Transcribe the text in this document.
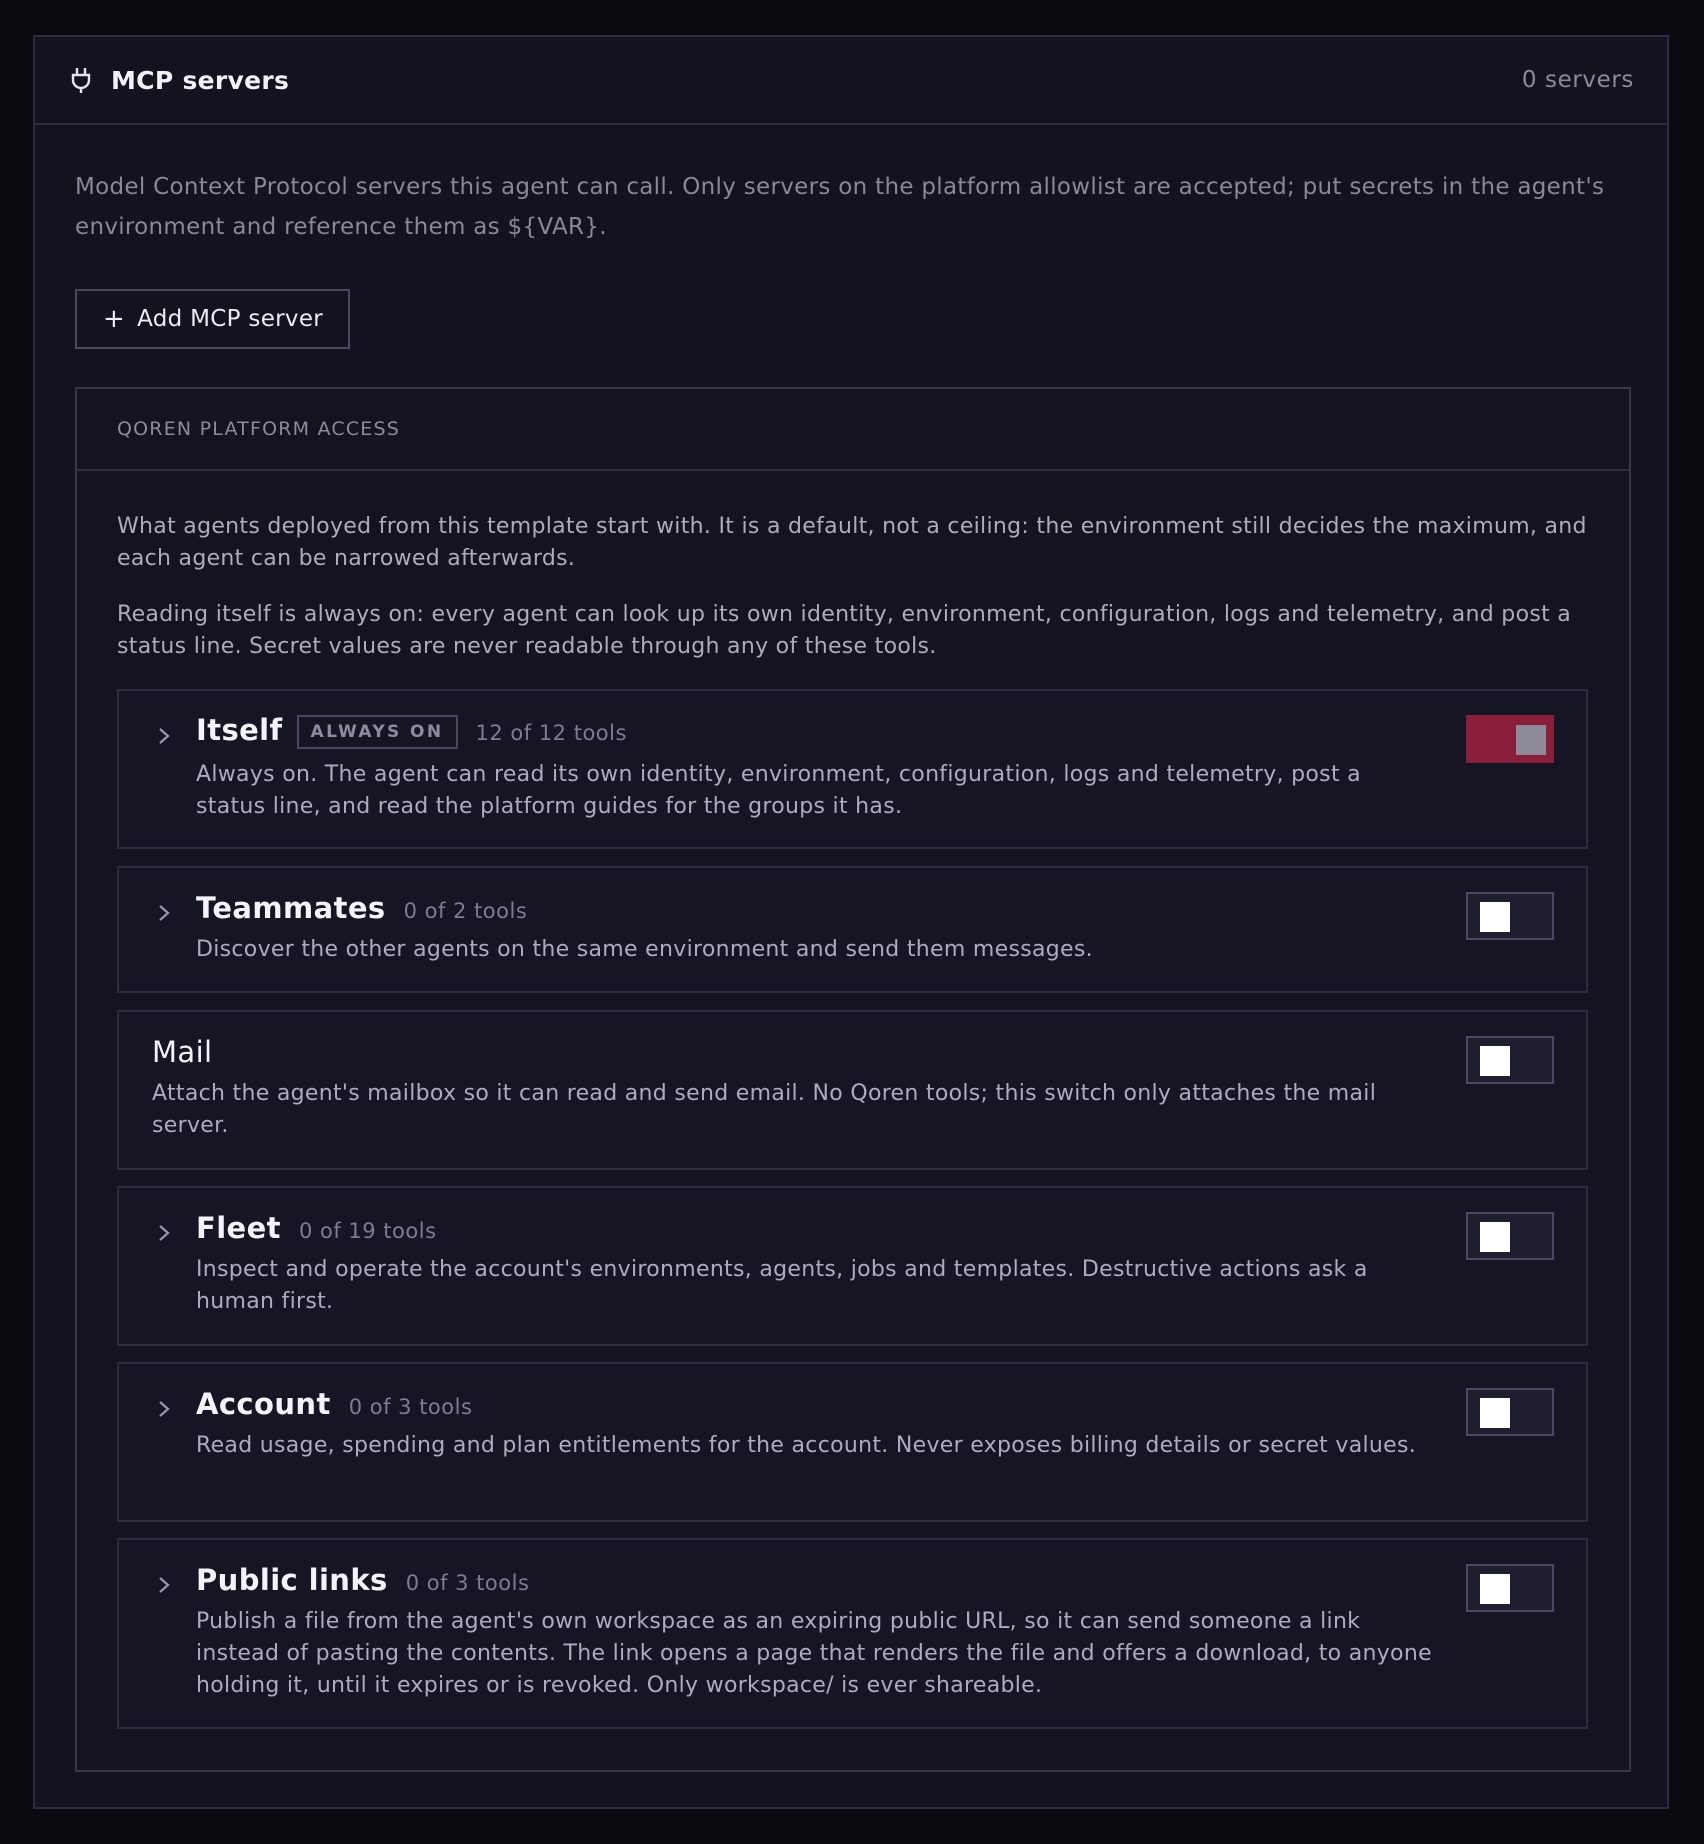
MCP servers	0 servers

Model Context Protocol servers this agent can call. Only servers on the platform allowlist are accepted; put secrets in the agent's environment and reference them as ${VAR}.

+ Add MCP server
QOREN PLATFORM ACCESS

What agents deployed from this template start with. It is a default, not a ceiling: the environment still decides the maximum, and each agent can be narrowed afterwards.

Reading itself is always on: every agent can look up its own identity, environment, configuration, logs and telemetry, and post a status line. Secret values are never readable through any of these tools.

Itself	ALWAYS ON	12 of 12 tools
Always on. The agent can read its own identity, environment, configuration, logs and telemetry, post a status line, and read the platform guides for the groups it has.
Teammates 0 of 2 tools
Discover the other agents on the same environment and send them messages.
Mail
Attach the agent's mailbox so it can read and send email. No Qoren tools; this switch only attaches the mail server.
Fleet 0 of 19 tools
Inspect and operate the account's environments, agents, jobs and templates. Destructive actions ask a human first.
Account 0 of 3 tools
Read usage, spending and plan entitlements for the account. Never exposes billing details or secret values.
Public links 0 of 3 tools
Publish a file from the agent's own workspace as an expiring public URL, so it can send someone a link instead of pasting the contents. The link opens a page that renders the file and offers a download, to anyone holding it, until it expires or is revoked. Only workspace/ is ever shareable.
